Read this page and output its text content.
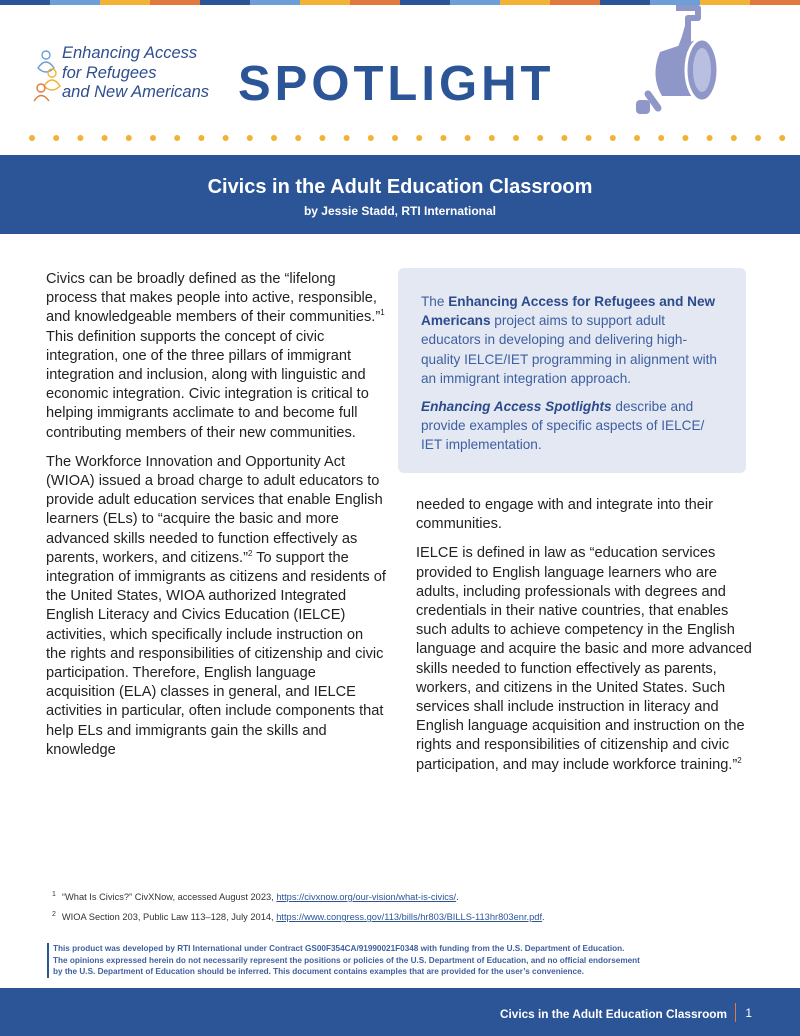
Enhancing Access
for Refugees
and New Americans SPOTLIGHT
Civics in the Adult Education Classroom
by Jessie Stadd, RTI International

Civics can be broadly defined as the “lifelong process that makes people into active, responsible, and knowledgeable members of their communities.”$^1$ This definition supports the concept of civic integration, one of the three pillars of immigrant integration and inclusion, along with linguistic and economic integration. Civic integration is critical to helping immigrants acclimate to and become full contributing members of their new communities.

The Workforce Innovation and Opportunity Act (WIOA) issued a broad charge to adult educators to provide adult education services that enable English learners (ELs) to “acquire the basic and more advanced skills needed to function effectively as parents, workers, and citizens.”$^2$ To support the integration of immigrants as citizens and residents of the United States, WIOA authorized Integrated English Literacy and Civics Education (IELCE) activities, which specifically include instruction on the rights and responsibilities of citizenship and civic participation. Therefore, English language acquisition (ELA) classes in general, and IELCE activities in particular, often include components that help ELs and immigrants gain the skills and knowledge

The Enhancing Access for Refugees and New Americans project aims to support adult educators in developing and delivering high-quality IELCE/IET programming in alignment with an immigrant integration approach.

Enhancing Access Spotlights describe and provide examples of specific aspects of IELCE/ IET implementation.

needed to engage with and integrate into their communities.

IELCE is defined in law as “education services provided to English language learners who are adults, including professionals with degrees and credentials in their native countries, that enables such adults to achieve competency in the English language and acquire the basic and more advanced skills needed to function effectively as parents, workers, and citizens in the United States. Such services shall include instruction in literacy and English language acquisition and instruction on the rights and responsibilities of citizenship and civic participation, and may include workforce training.”$^2$

$^1$ “What Is Civics?” CivXNow, accessed August 2023, https://civxnow.org/our-vision/what-is-civics/.
$^2$ WIOA Section 203, Public Law 113–128, July 2014, https://www.congress.gov/113/bills/hr803/BILLS-113hr803enr.pdf.
This product was developed by RTI International under Contract GS00F354CA/91990021F0348 with funding from the U.S. Department of Education.
The opinions expressed herein do not necessarily represent the positions or policies of the U.S. Department of Education, and no official endorsement
by the U.S. Department of Education should be inferred. This document contains examples that are provided for the user’s convenience.
Civics in the Adult Education Classroom 1
